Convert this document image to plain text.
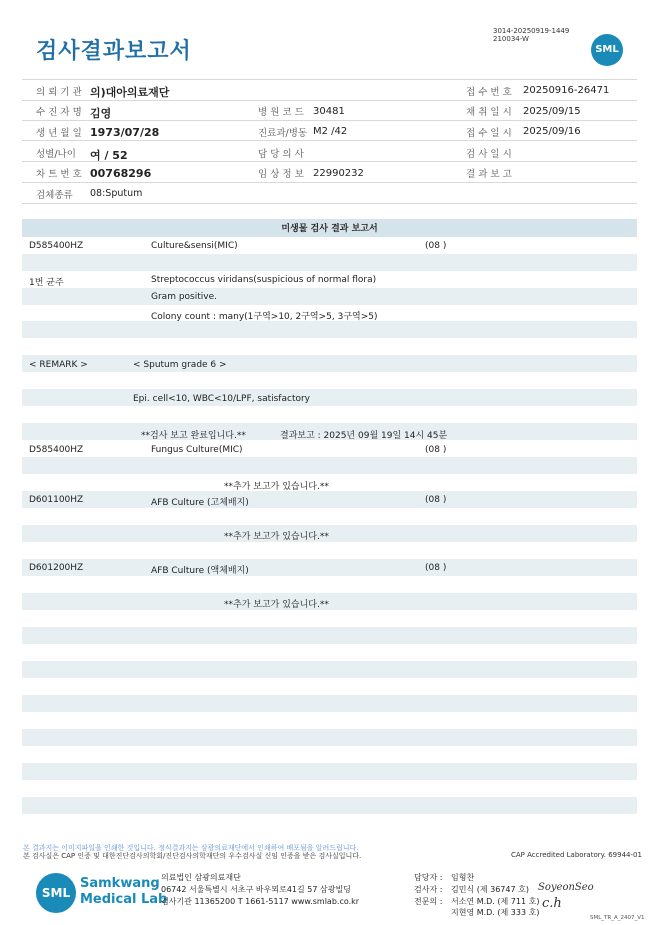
검사결과보고서
3014-20250919-1449
210034-W
SML
의 뢰 기 관 의)대아의료재단	접 수 번 호 20250916-26471
수 진 자 명 김영	병 원 코 드 30481	채 취 일 시 2025/09/15
생 년 월 일 1973/07/28	진료과/병동 M2 /42	접 수 일 시 2025/09/16
성별/나이 여 / 52	담 당 의 사	검 사 일 시
차 트 번 호 00768296	임 상 정 보 22990232	결 과 보 고
검체종류 08:Sputum
미생물 검사 결과 보고서
D585400HZ	Culture&sensi(MIC)	(08 )
1번 균주	Streptococcus viridans(suspicious of normal flora)
Gram positive.
Colony count : many(1구역>10, 2구역>5, 3구역>5)
< REMARK >	< Sputum grade 6 >
Epi. cell<10, WBC<10/LPF, satisfactory
**검사 보고 완료입니다.**	결과보고 : 2025년 09월 19일 14시 45분
D585400HZ	Fungus Culture(MIC)	(08 )
**추가 보고가 있습니다.**
D601100HZ	AFB Culture (고체배지)	(08 )
**추가 보고가 있습니다.**
D601200HZ	AFB Culture (액체배지)	(08 )
**추가 보고가 있습니다.**
본 결과지는 이미지파일을 인쇄한 것입니다. 정식결과지는 삼광의료재단에서 인쇄하여 배포됨을 알려드립니다.
본 검사실은 CAP 인증 및 대한진단검사의학회/진단검사의학재단의 우수검사실 신임 인증을 받은 검사실입니다.	CAP Accredited Laboratory. 69944-01
SML
Samkwang
Medical Lab
의료법인 삼광의료재단
06742 서울특별시 서초구 바우뫼로41길 57 삼광빌딩
검사기관 11365200 T 1661-5117 www.smlab.co.kr
담당자 : 임형찬
검사자 : 김민식 (제 36747 호)
전문의 : 서소연 M.D. (제 711 호)
지현영 M.D. (제 333 호)
SoyeonSeo
c.h
SML_TR_A_2407_V1
